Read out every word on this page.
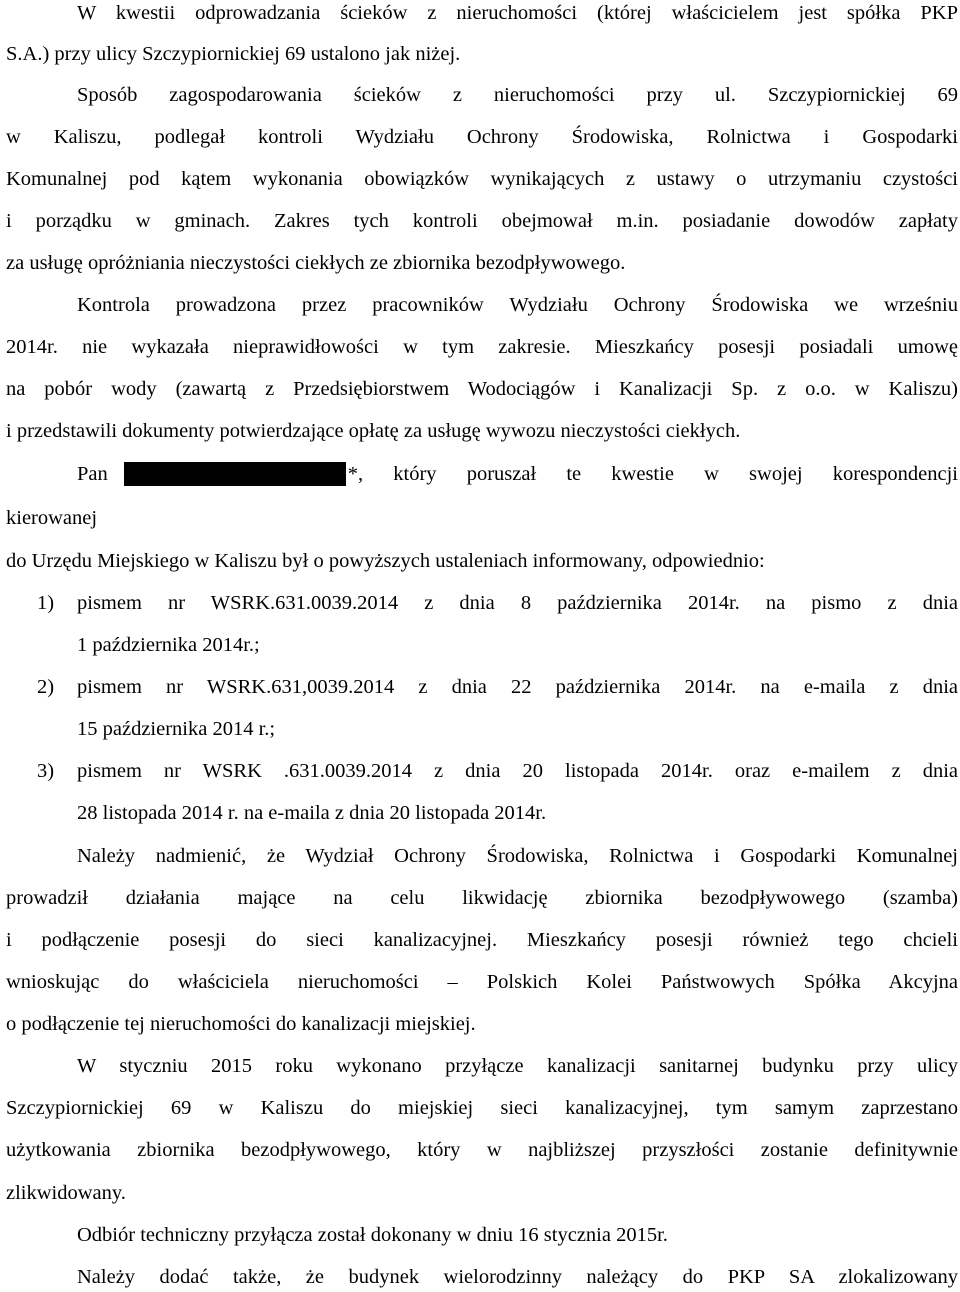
W kwestii odprowadzania ścieków z nieruchomości (której właścicielem jest spółka PKP
S.A.) przy ulicy Szczypiornickiej 69 ustalono jak niżej.
Sposób zagospodarowania ścieków z nieruchomości przy ul. Szczypiornickiej 69
w Kaliszu, podlegał kontroli Wydziału Ochrony Środowiska, Rolnictwa i Gospodarki
Komunalnej pod kątem wykonania obowiązków wynikających z ustawy o utrzymaniu czystości
i porządku w gminach. Zakres tych kontroli obejmował m.in. posiadanie dowodów zapłaty
za usługę opróżniania nieczystości ciekłych ze zbiornika bezodpływowego.
Kontrola prowadzona przez pracowników Wydziału Ochrony Środowiska we wrześniu
2014r. nie wykazała nieprawidłowości w tym zakresie. Mieszkańcy posesji posiadali umowę
na pobór wody (zawartą z Przedsiębiorstwem Wodociągów i Kanalizacji Sp. z o.o. w Kaliszu)
i przedstawili dokumenty potwierdzające opłatę za usługę wywozu nieczystości ciekłych.
Pan	*, który poruszał te kwestie w swojej korespondencji
kierowanej
do Urzędu Miejskiego w Kaliszu był o powyższych ustaleniach informowany, odpowiednio:
1)	pismem nr WSRK.631.0039.2014 z dnia 8 października 2014r. na pismo z dnia
1 października 2014r.;
2)	pismem nr WSRK.631,0039.2014 z dnia 22 października 2014r. na e-maila z dnia
15 października 2014 r.;
3)	pismem nr WSRK .631.0039.2014 z dnia 20 listopada 2014r. oraz e-mailem z dnia
28 listopada 2014 r. na e-maila z dnia 20 listopada 2014r.
Należy nadmienić, że Wydział Ochrony Środowiska, Rolnictwa i Gospodarki Komunalnej
prowadził działania mające na celu likwidację zbiornika bezodpływowego (szamba)
i podłączenie posesji do sieci kanalizacyjnej. Mieszkańcy posesji również tego chcieli
wnioskując do właściciela nieruchomości – Polskich Kolei Państwowych Spółka Akcyjna
o podłączenie tej nieruchomości do kanalizacji miejskiej.
W styczniu 2015 roku wykonano przyłącze kanalizacji sanitarnej budynku przy ulicy
Szczypiornickiej 69 w Kaliszu do miejskiej sieci kanalizacyjnej, tym samym zaprzestano
użytkowania zbiornika bezodpływowego, który w najbliższej przyszłości zostanie definitywnie
zlikwidowany.
Odbiór techniczny przyłącza został dokonany w dniu 16 stycznia 2015r.
Należy dodać także, że budynek wielorodzinny należący do PKP SA zlokalizowany
